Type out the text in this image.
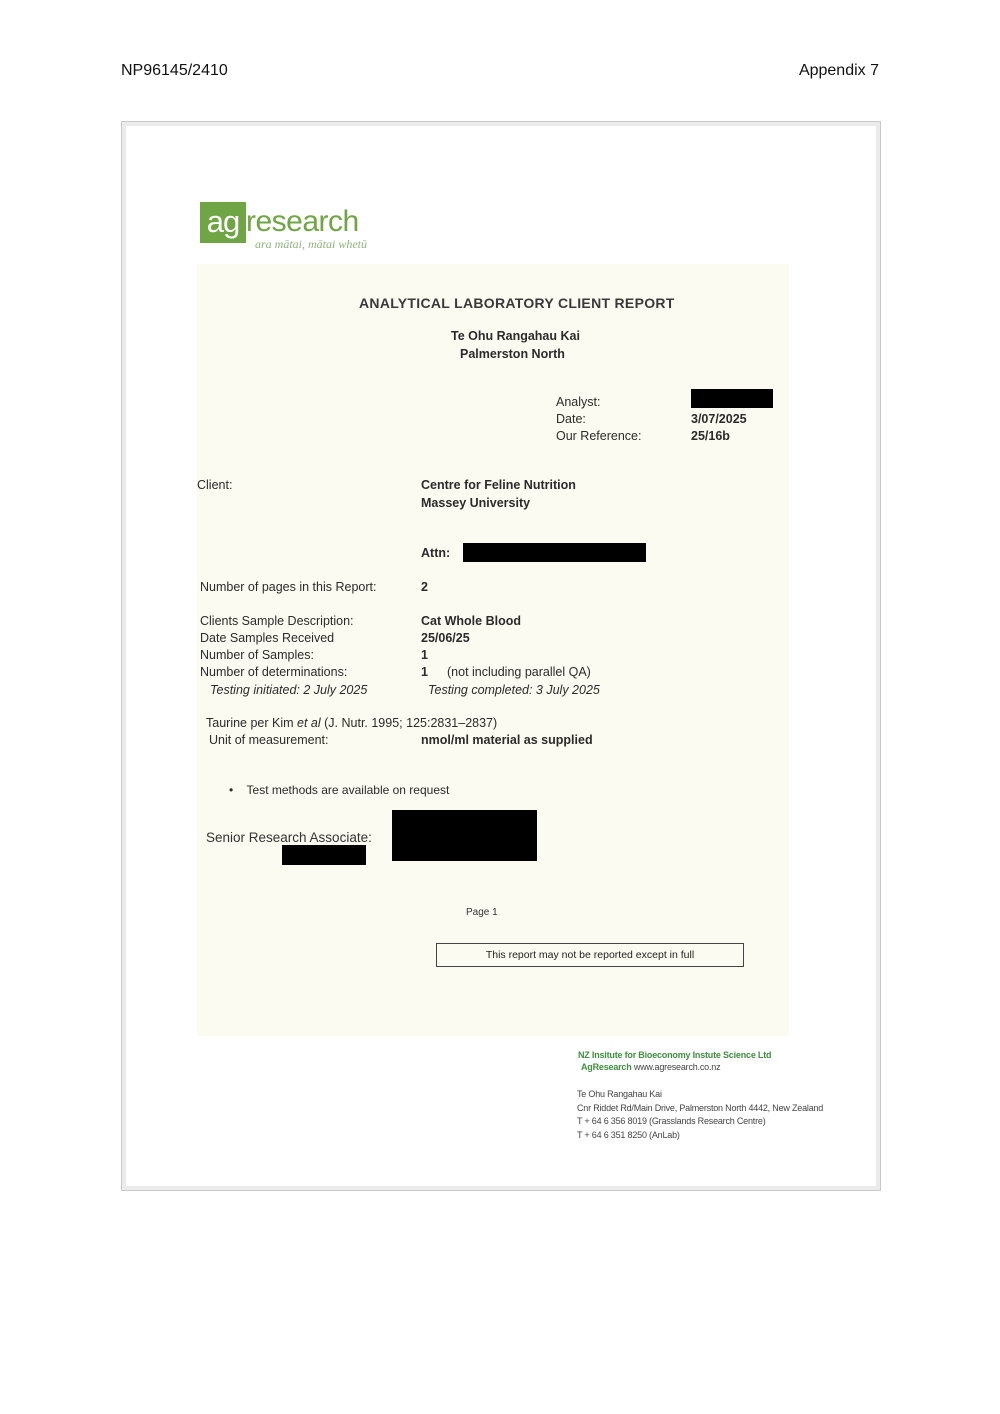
NP96145/2410	Appendix 7
ag research
ara mātai, mātai whetū
ANALYTICAL LABORATORY CLIENT REPORT
Te Ohu Rangahau Kai
Palmerston North
Analyst:
Date:	3/07/2025
Our Reference:	25/16b
Client:	Centre for Feline Nutrition
Massey University
Attn:
Number of pages in this Report:	2
Clients Sample Description:	Cat Whole Blood
Date Samples Received	25/06/25
Number of Samples:	1
Number of determinations:	1 (not including parallel QA)
Testing initiated: 2 July 2025	Testing completed: 3 July 2025
Taurine per Kim et al (J. Nutr. 1995; 125:2831–2837)
Unit of measurement:	nmol/ml material as supplied
• Test methods are available on request
Senior Research Associate:
Page 1
This report may not be reported except in full
NZ Insitute for Bioeconomy Instute Science Ltd
AgResearch www.agresearch.co.nz
Te Ohu Rangahau Kai
Cnr Riddet Rd/Main Drive, Palmerston North 4442, New Zealand
T + 64 6 356 8019 (Grasslands Research Centre)
T + 64 6 351 8250 (AnLab)
